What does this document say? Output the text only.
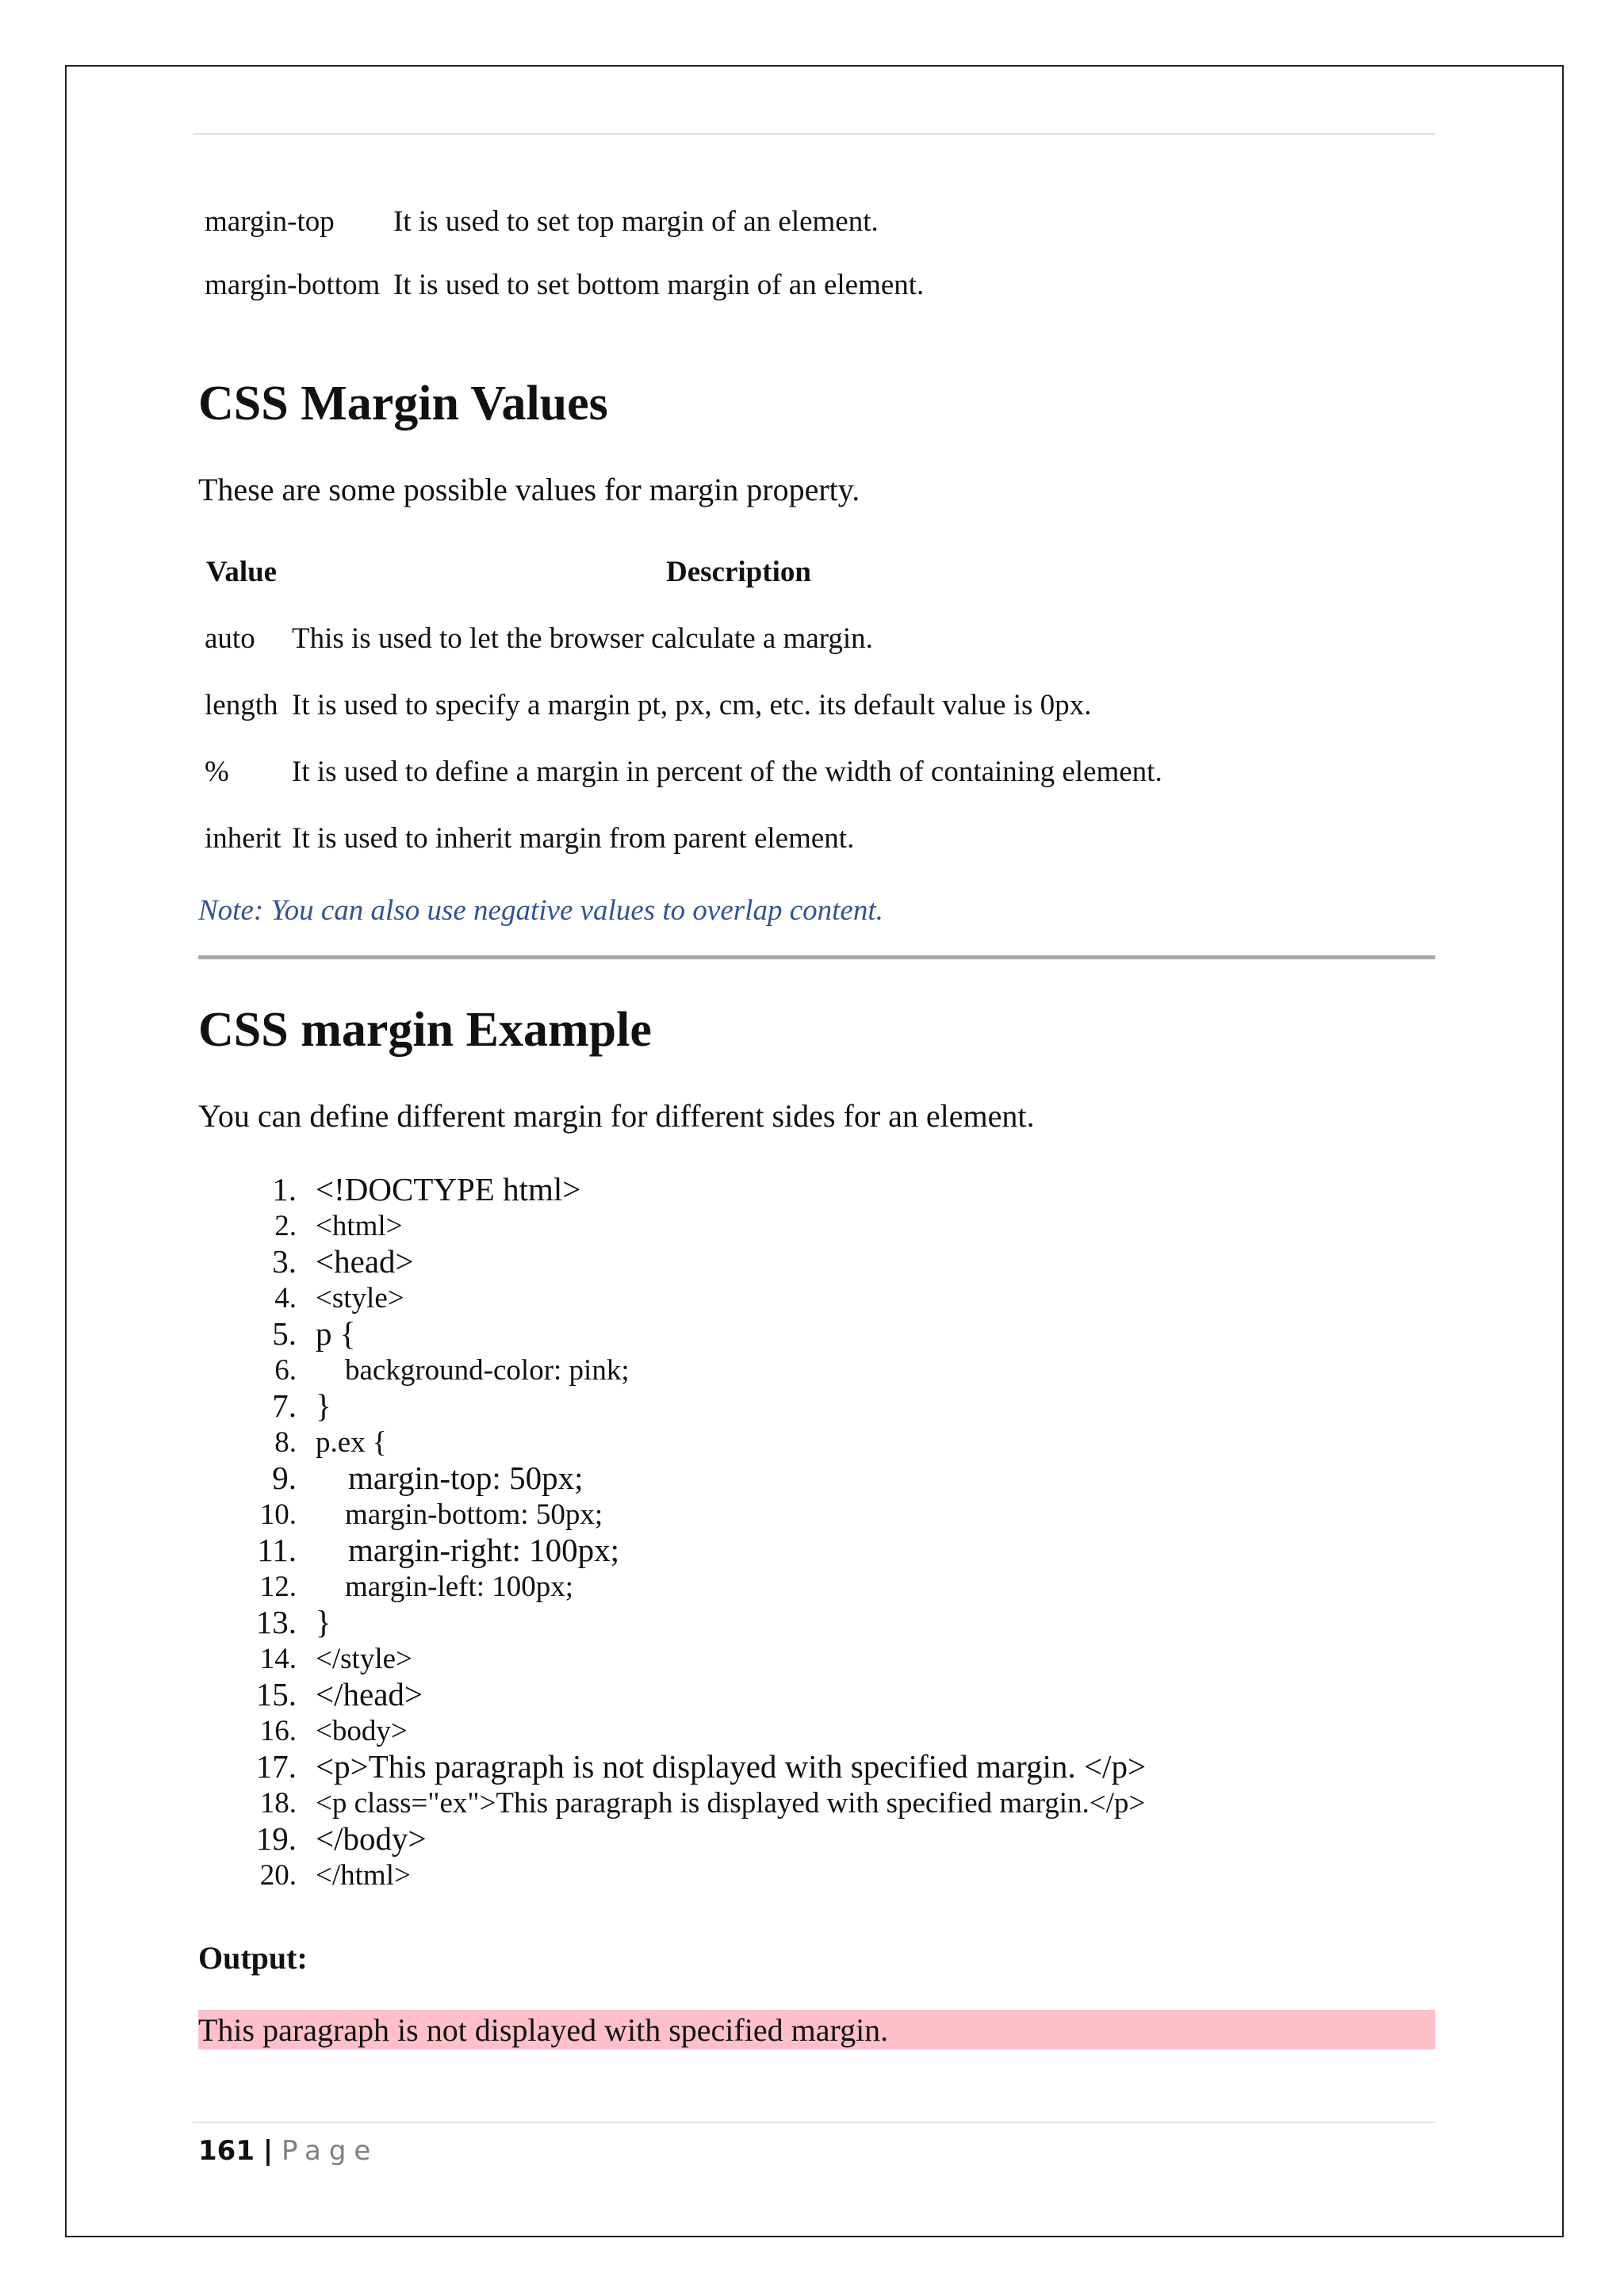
margin-top It is used to set top margin of an element.
margin-bottom It is used to set bottom margin of an element.
CSS Margin Values

These are some possible values for margin property.

Value	Description
auto This is used to let the browser calculate a margin.
length It is used to specify a margin pt, px, cm, etc. its default value is 0px.
% It is used to define a margin in percent of the width of containing element.
inherit It is used to inherit margin from parent element.
Note: You can also use negative values to overlap content.
CSS margin Example

You can define different margin for different sides for an element.

1. <!DOCTYPE html>
2. <html>
3. <head>
4. <style>
5. p {
6.    background-color: pink;
7. }
8. p.ex {
9.    margin-top: 50px;
10.    margin-bottom: 50px;
11.    margin-right: 100px;
12.    margin-left: 100px;
13. }
14. </style>
15. </head>
16. <body>
17. <p>This paragraph is not displayed with specified margin. </p>
18. <p class="ex">This paragraph is displayed with specified margin.</p>
19. </body>
20. </html>
Output:
This paragraph is not displayed with specified margin.
161 | Page
